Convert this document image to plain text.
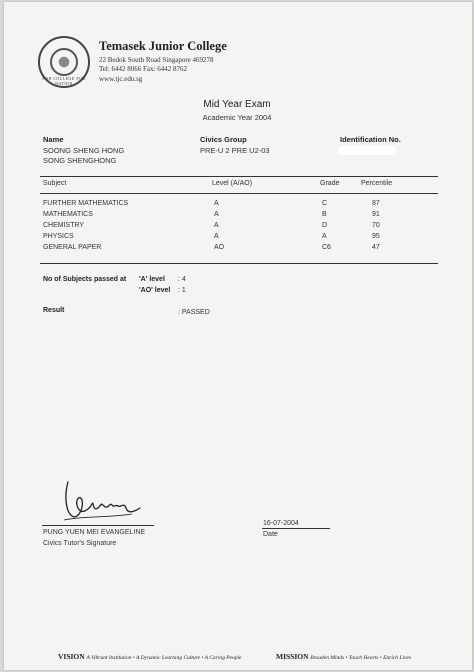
FOR COLLEGE FOR NATION
Temasek Junior College
22 Bedok South Road Singapore 469278
Tel: 6442 8066 Fax: 6442 8762
www.tjc.edu.sg
Mid Year Exam
Academic Year 2004
Name
SOONG SHENG HONG
SONG SHENGHONG
Civics Group
PRE-U 2 PRE U2-03
Identification No.
Subject	Level (A/AO)	Grade	Percentile
FURTHER MATHEMATICS	A	C	87
MATHEMATICS	A	B	91
CHEMISTRY	A	D	70
PHYSICS	A	A	95
GENERAL PAPER	AO	C6	47
No of Subjects passed at 'A' level : 4
'AO' level : 1
Result	: PASSED
PUNG YUEN MEI EVANGELINE
Civics Tutor's Signature
16-07-2004
Date
VISION A Vibrant Institution • A Dynamic Learning Culture • A Caring People	MISSION Broaden Minds • Touch Hearts • Enrich Lives
